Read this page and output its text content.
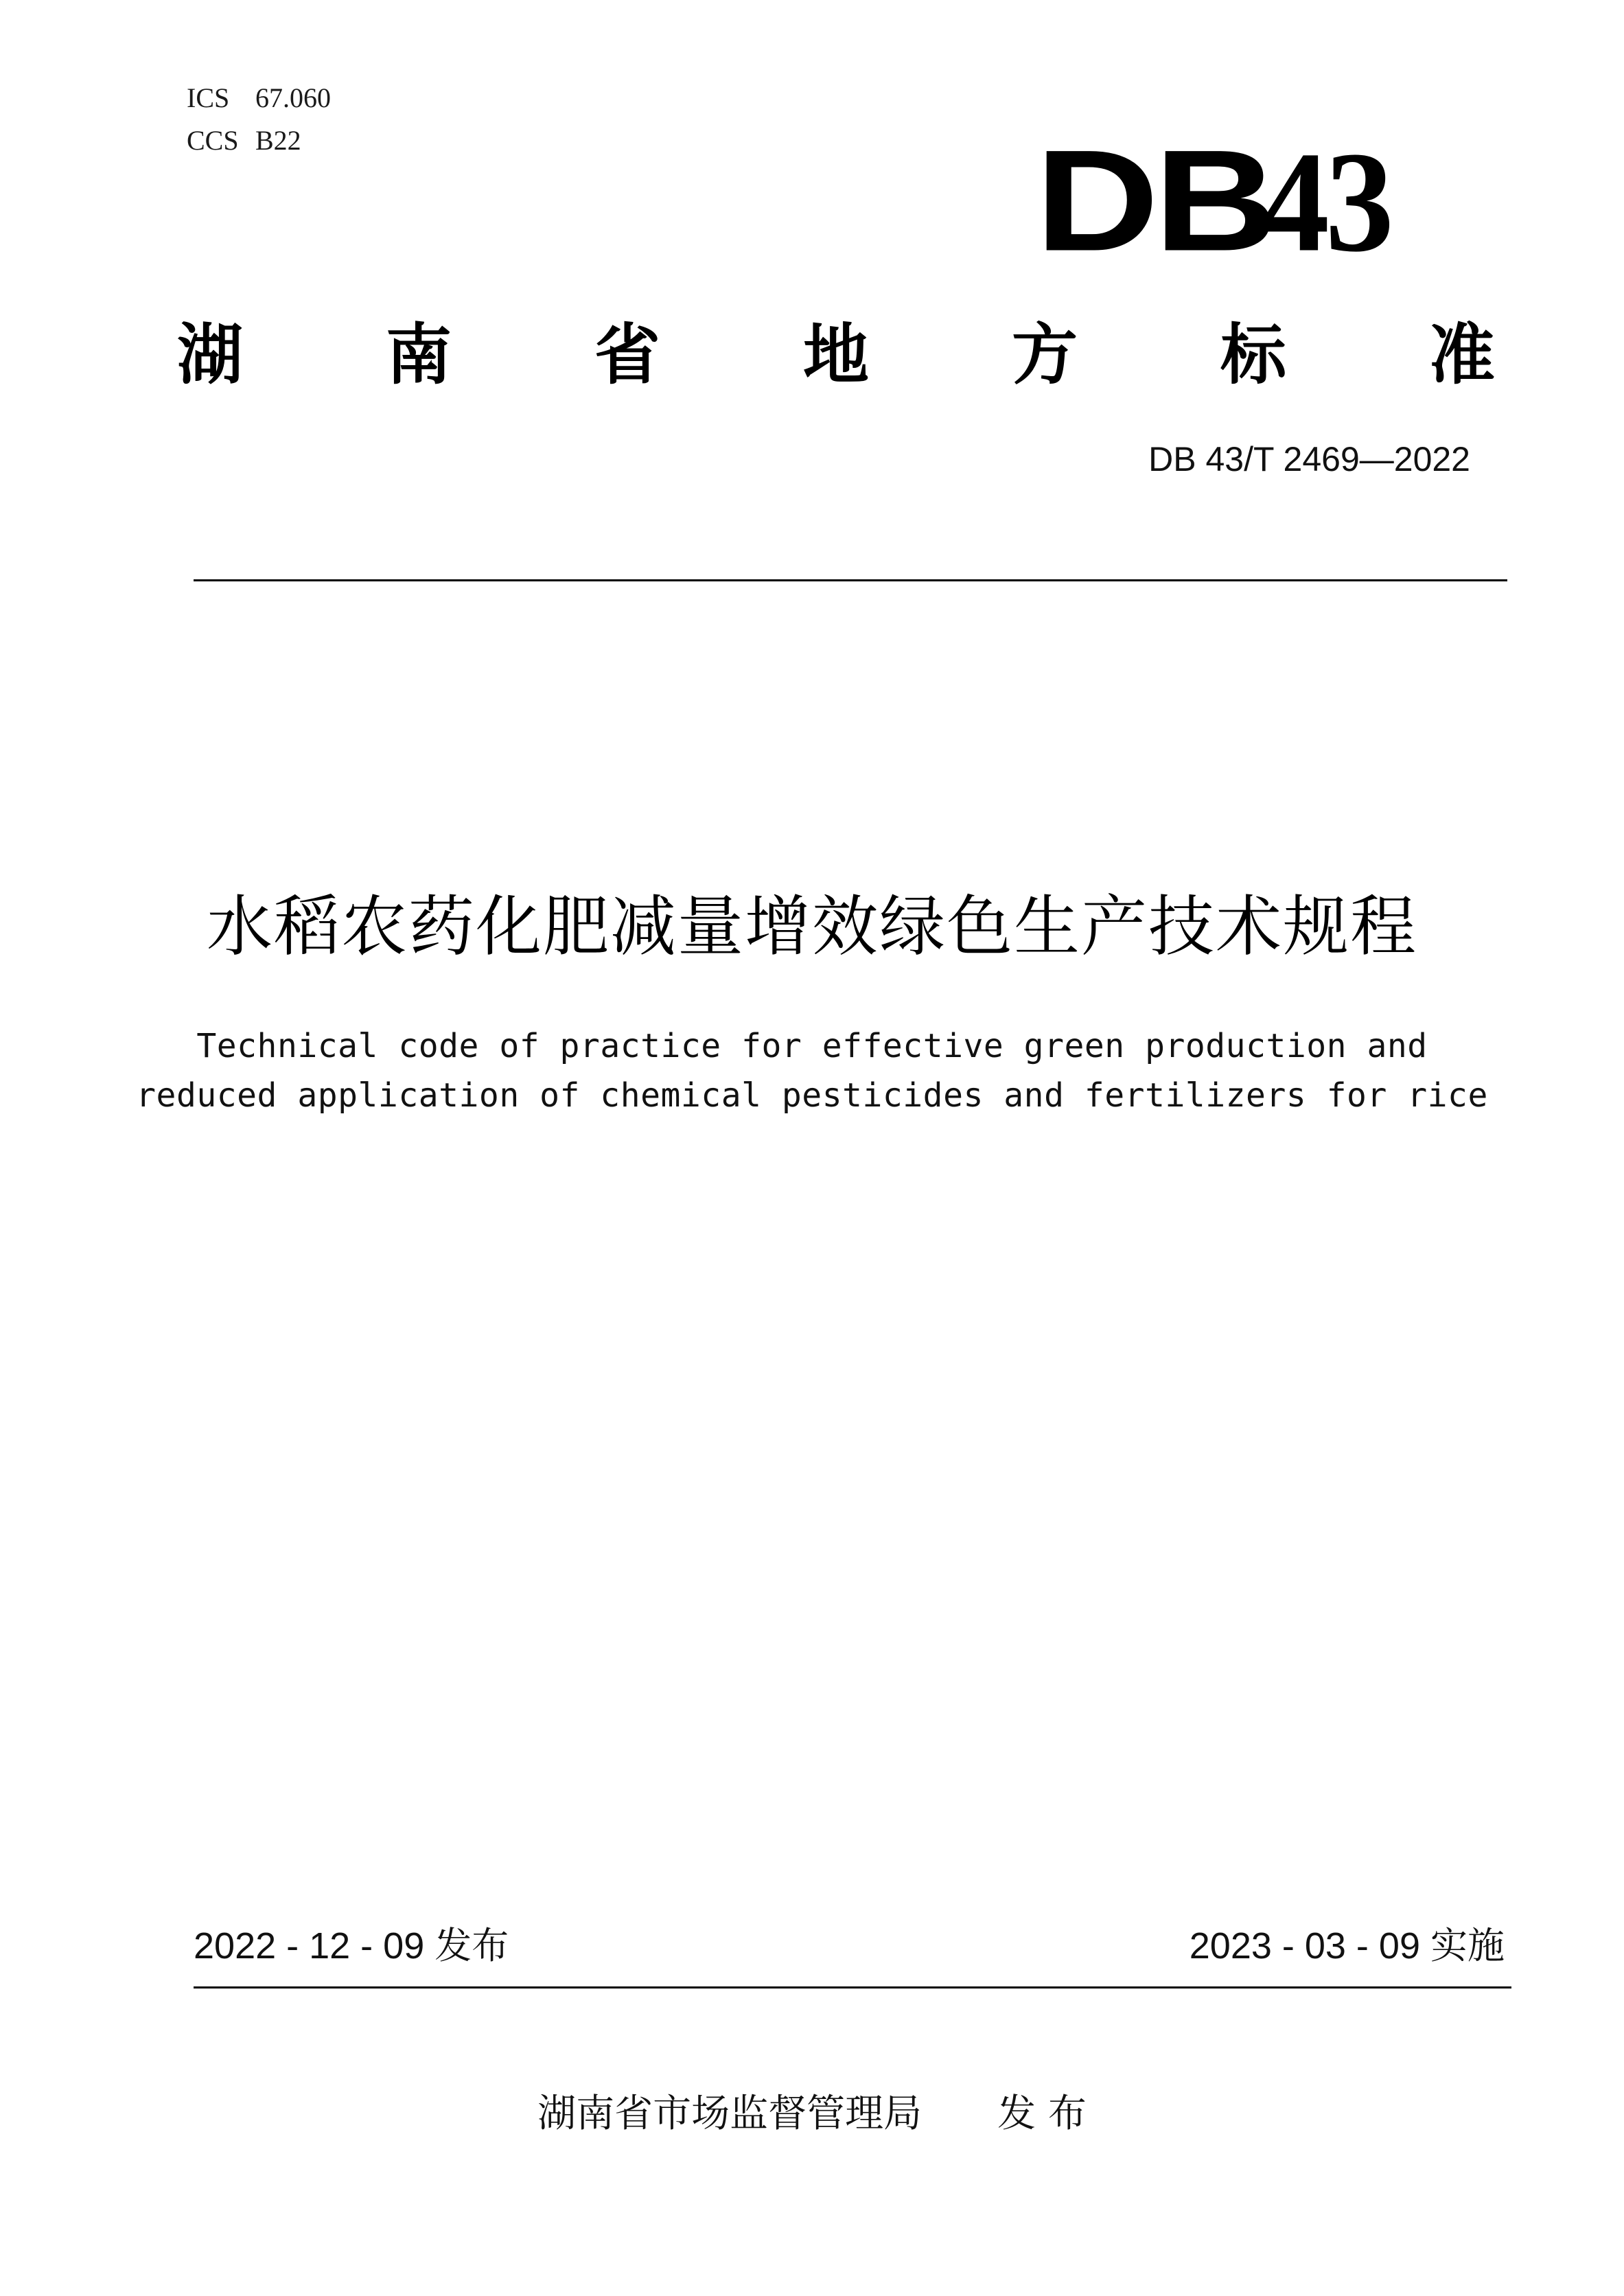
ICS 67.060
CCS B22	DB43
湖 南 省 地 方 标 准
DB 43/T 2469—2022
水稻农药化肥减量增效绿色生产技术规程
Technical code of practice for effective green production and
reduced application of chemical pesticides and fertilizers for rice
2022 - 12 - 09 发布	2023 - 03 - 09 实施
湖南省市场监督管理局 发 布
